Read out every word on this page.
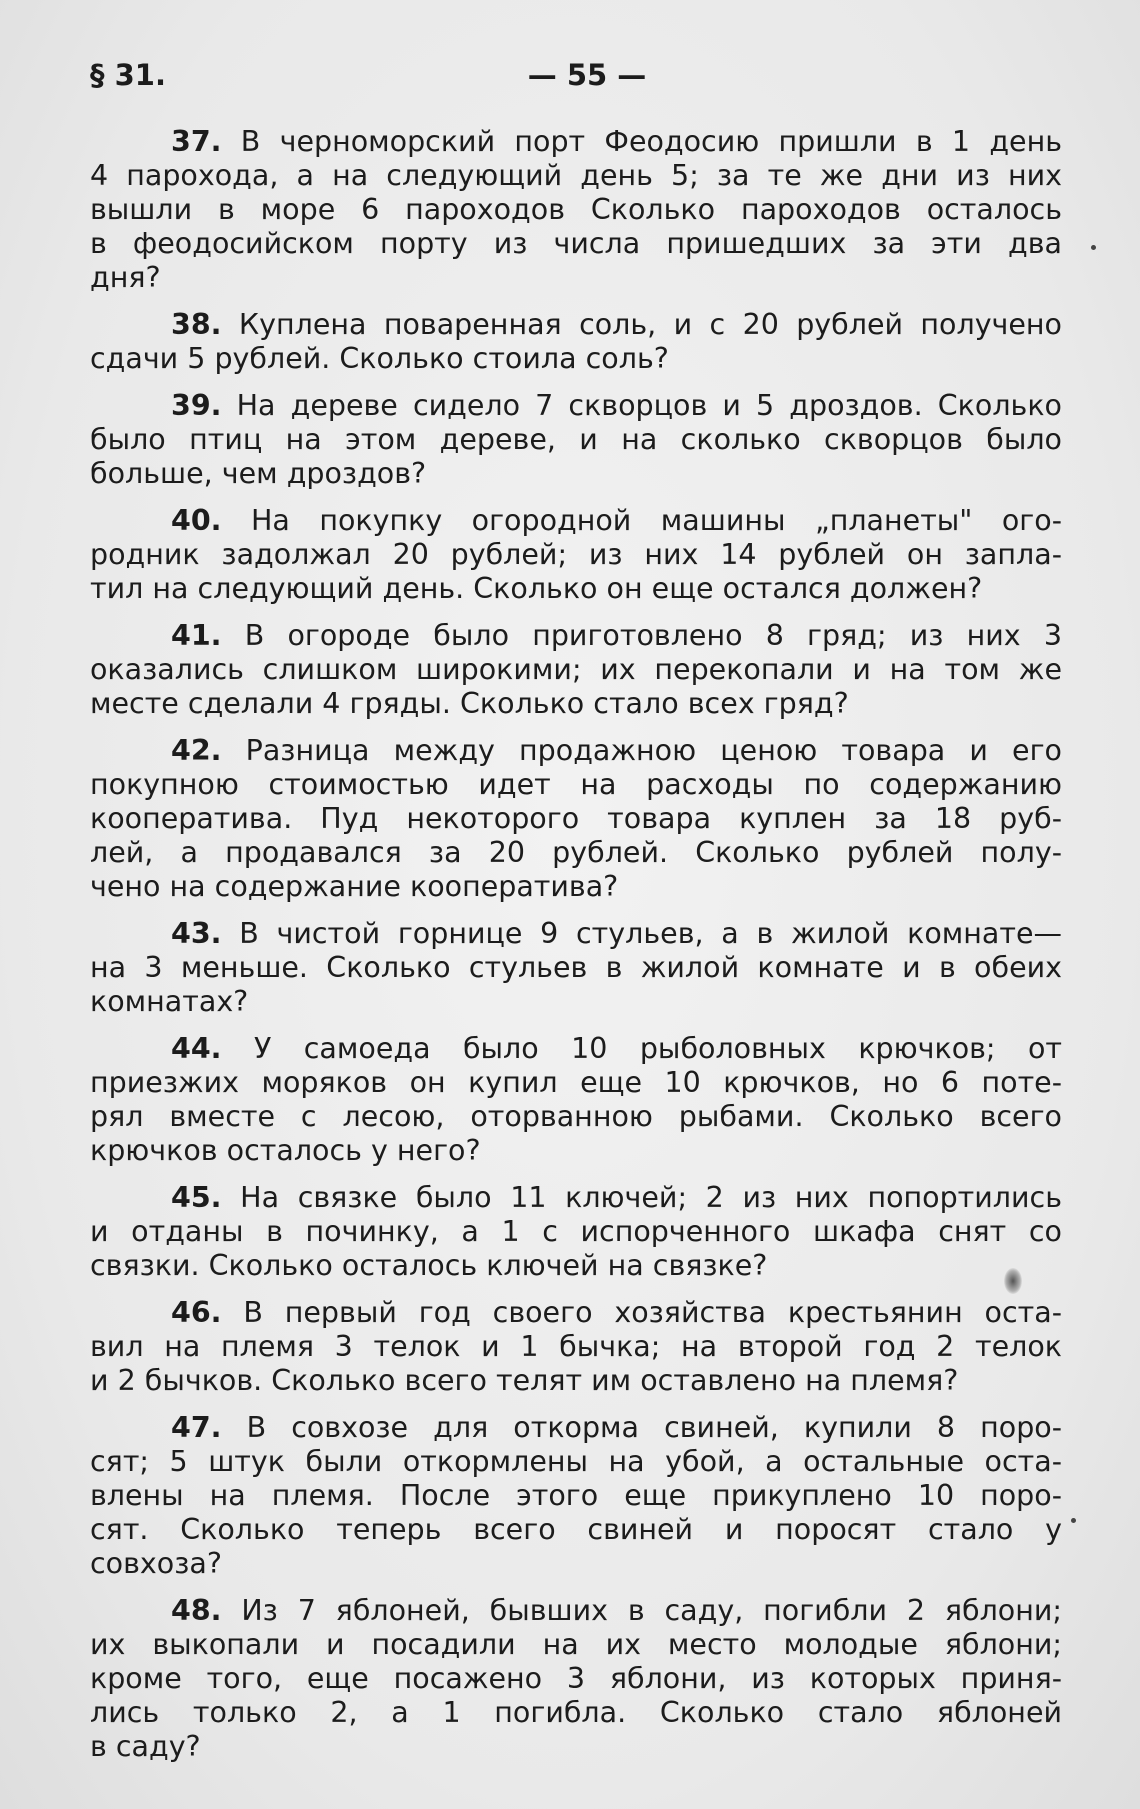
§ 31.	— 55 —
37. В черноморский порт Феодосию пришли в 1 день
4 парохода, а на следующий день 5; за те же дни из них
вышли в море 6 пароходов Сколько пароходов осталось
в феодосийском порту из числа пришедших за эти два
дня?
38. Куплена поваренная соль, и с 20 рублей получено
сдачи 5 рублей. Сколько стоила соль?
39. На дереве сидело 7 скворцов и 5 дроздов. Сколько
было птиц на этом дереве, и на сколько скворцов было
больше, чем дроздов?
40. На покупку огородной машины „планеты" ого-
родник задолжал 20 рублей; из них 14 рублей он запла-
тил на следующий день. Сколько он еще остался должен?
41. В огороде было приготовлено 8 гряд; из них 3
оказались слишком широкими; их перекопали и на том же
месте сделали 4 гряды. Сколько стало всех гряд?
42. Разница между продажною ценою товара и его
покупною стоимостью идет на расходы по содержанию
кооператива. Пуд некоторого товара куплен за 18 руб-
лей, а продавался за 20 рублей. Сколько рублей полу-
чено на содержание кооператива?
43. В чистой горнице 9 стульев, а в жилой комнате—
на 3 меньше. Сколько стульев в жилой комнате и в обеих
комнатах?
44. У самоеда было 10 рыболовных крючков; от
приезжих моряков он купил еще 10 крючков, но 6 поте-
рял вместе с лесою, оторванною рыбами. Сколько всего
крючков осталось у него?
45. На связке было 11 ключей; 2 из них попортились
и отданы в починку, а 1 с испорченного шкафа снят со
связки. Сколько осталось ключей на связке?
46. В первый год своего хозяйства крестьянин оста-
вил на племя 3 телок и 1 бычка; на второй год 2 телок
и 2 бычков. Сколько всего телят им оставлено на племя?
47. В совхозе для откорма свиней, купили 8 поро-
сят; 5 штук были откормлены на убой, а остальные оста-
влены на племя. После этого еще прикуплено 10 поро-
сят. Сколько теперь всего свиней и поросят стало у
совхоза?
48. Из 7 яблоней, бывших в саду, погибли 2 яблони;
их выкопали и посадили на их место молодые яблони;
кроме того, еще посажено 3 яблони, из которых приня-
лись только 2, а 1 погибла. Сколько стало яблоней
в саду?
